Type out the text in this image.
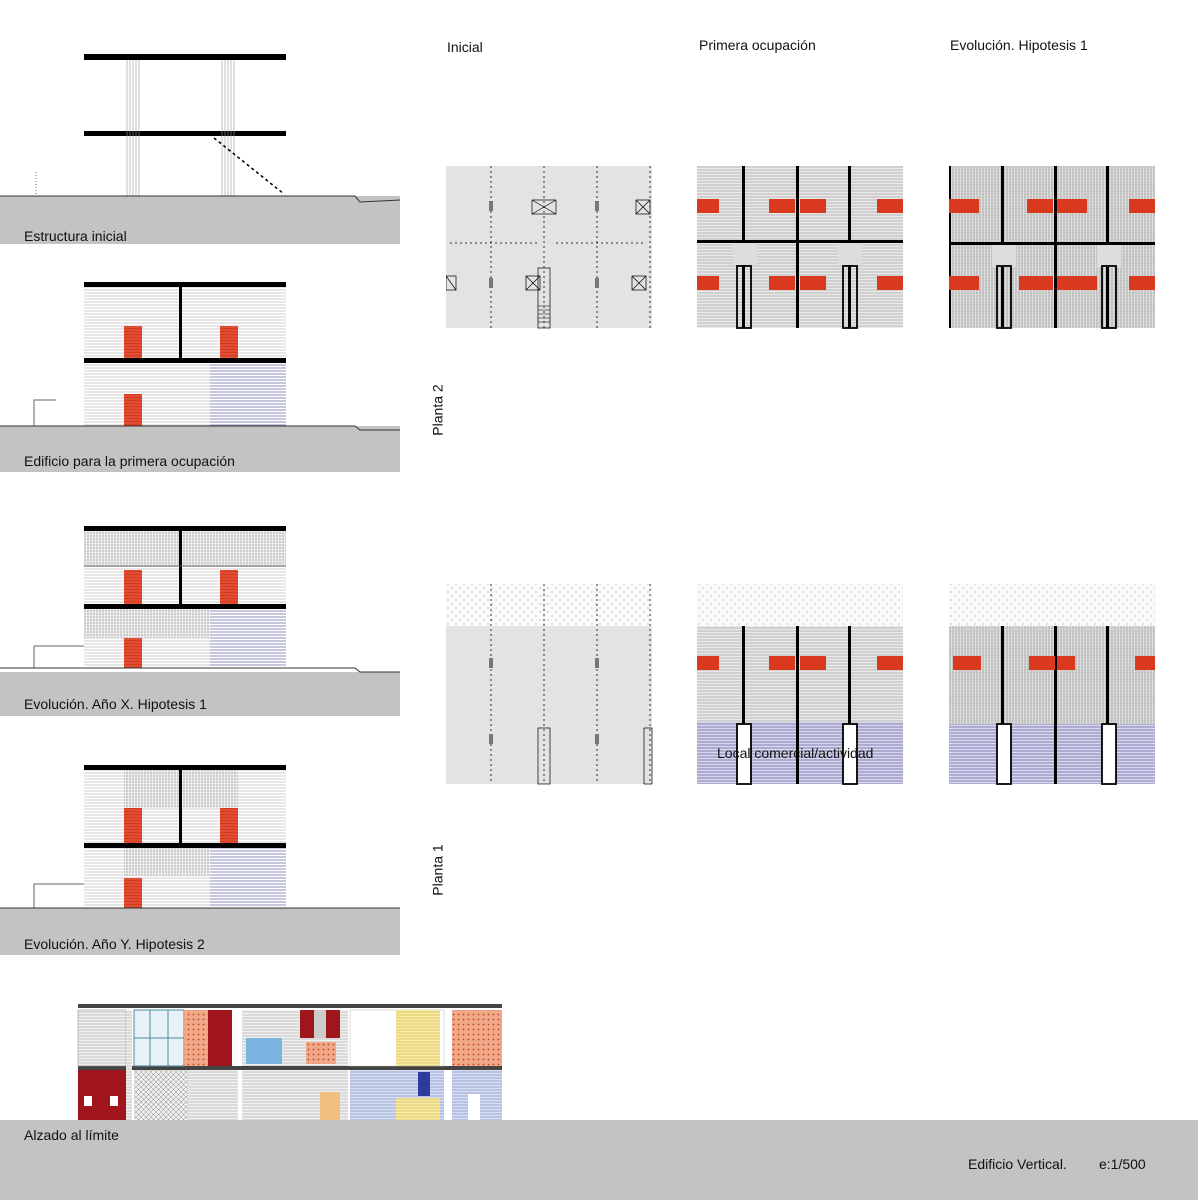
Estructura inicial
Edificio para la primera ocupación
Evolución. Año X. Hipotesis 1
Evolución. Año Y. Hipotesis 2
Inicial	Primera ocupación	Evolución. Hipotesis 1
Planta 2
Planta 1
Local comercial/actividad
Alzado al límite
Edificio Vertical. e:1/500
